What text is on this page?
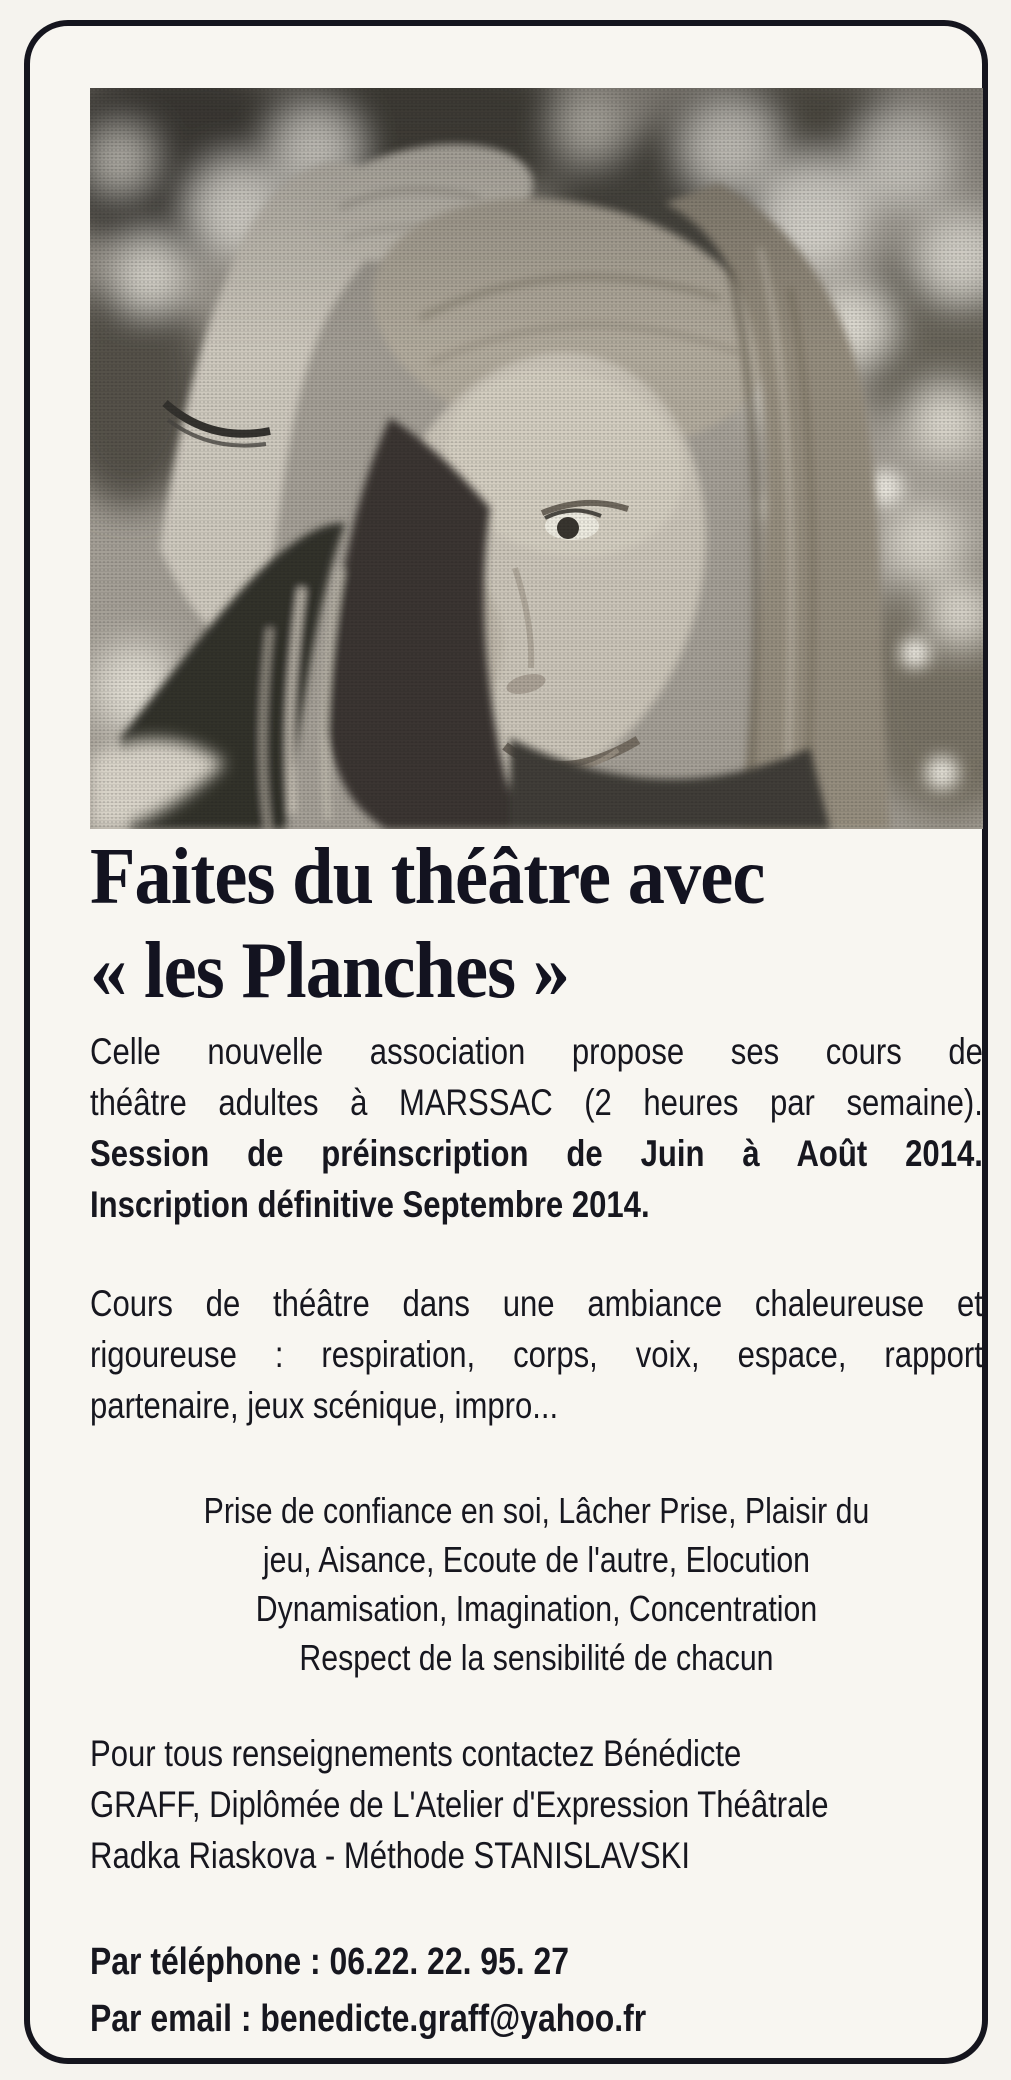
Faites du théâtre avec
« les Planches »
Celle nouvelle association propose ses cours de
théâtre adultes à MARSSAC (2 heures par semaine).
Session de préinscription de Juin à Août 2014.
Inscription définitive Septembre 2014.
Cours de théâtre dans une ambiance chaleureuse et
rigoureuse : respiration, corps, voix, espace, rapport
partenaire, jeux scénique, impro...
Prise de confiance en soi, Lâcher Prise, Plaisir du
jeu, Aisance, Ecoute de l'autre, Elocution
Dynamisation, Imagination, Concentration
Respect de la sensibilité de chacun
Pour tous renseignements contactez Bénédicte
GRAFF, Diplômée de L'Atelier d'Expression Théâtrale
Radka Riaskova - Méthode STANISLAVSKI
Par téléphone : 06.22. 22. 95. 27
Par email : benedicte.graff@yahoo.fr
